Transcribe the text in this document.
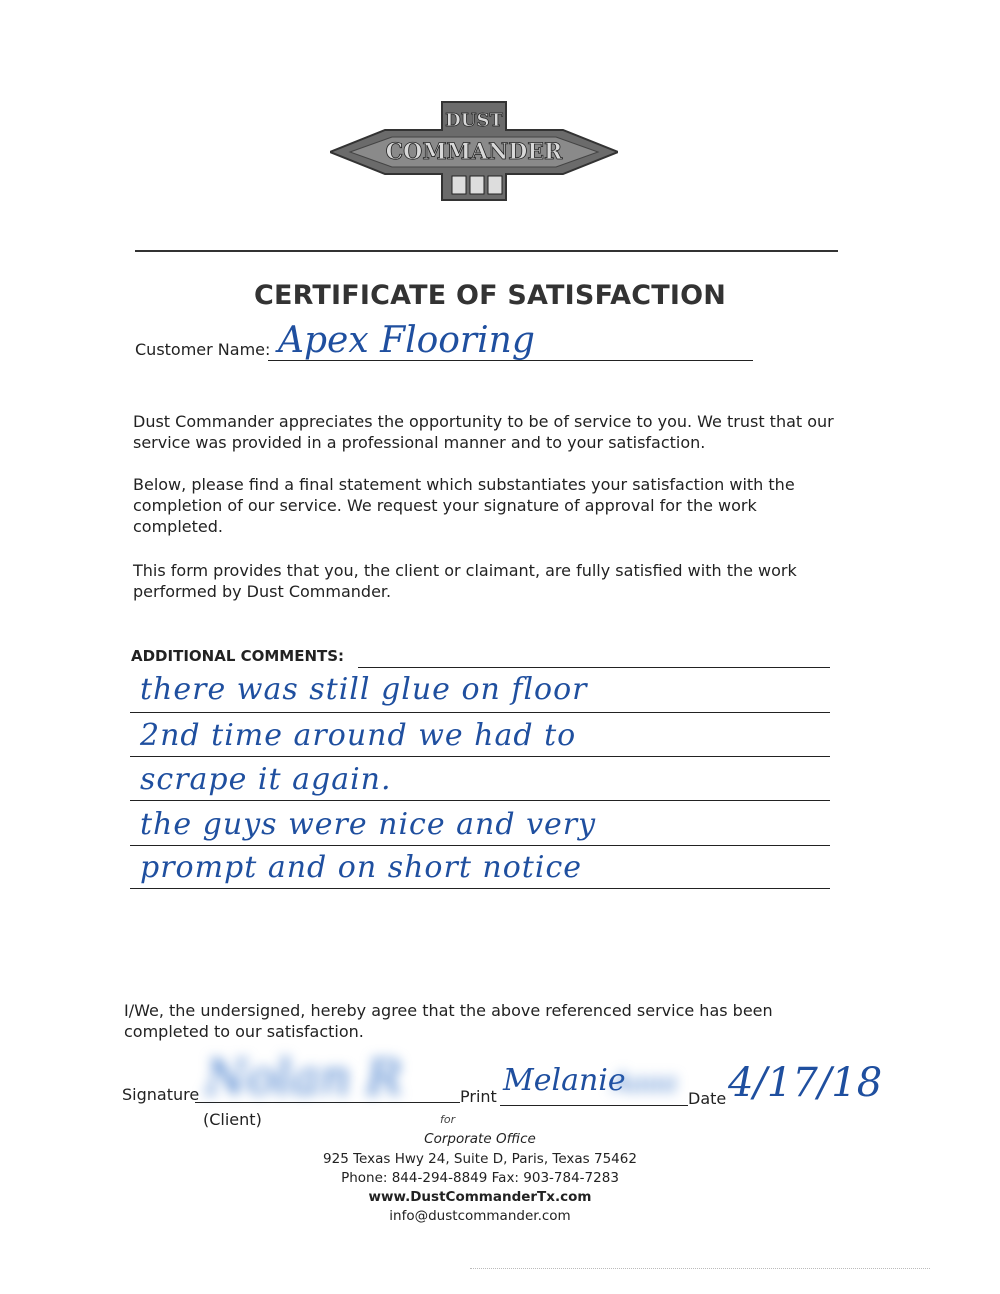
DUST
COMMANDER
CERTIFICATE OF SATISFACTION
Customer Name: Apex Flooring
Dust Commander appreciates the opportunity to be of service to you. We trust that our
service was provided in a professional manner and to your satisfaction.
Below, please find a final statement which substantiates your satisfaction with the
completion of our service. We request your signature of approval for the work
completed.
This form provides that you, the client or claimant, are fully satisfied with the work
performed by Dust Commander.
ADDITIONAL COMMENTS:
there was still glue on floor
2nd time around we had to
scrape it again.
the guys were nice and very
prompt and on short notice
I/We, the undersigned, hereby agree that the above referenced service has been
completed to our satisfaction.
Signature Nolan R
(Client)
Print Melanie
Aaaa
Date 4/17/18
for
Corporate Office
925 Texas Hwy 24, Suite D, Paris, Texas 75462
Phone: 844-294-8849 Fax: 903-784-7283
www.DustCommanderTx.com
info@dustcommander.com
